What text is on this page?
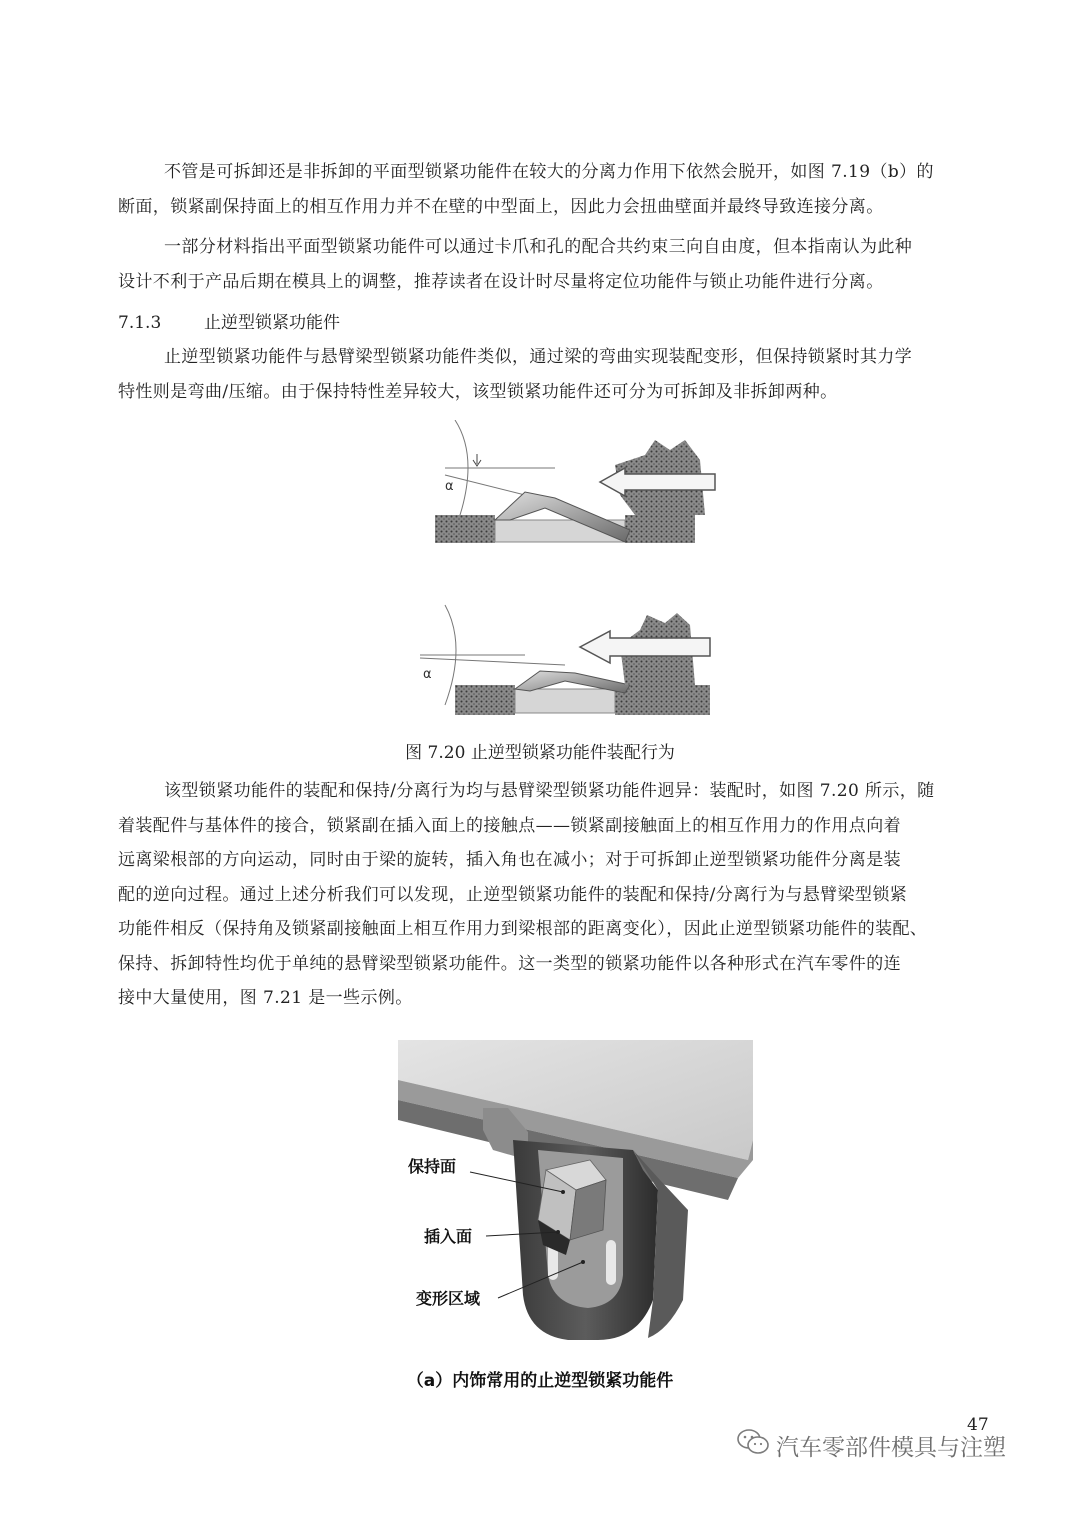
不管是可拆卸还是非拆卸的平面型锁紧功能件在较大的分离力作用下依然会脱开，如图 7.19（b）的
断面，锁紧副保持面上的相互作用力并不在壁的中型面上，因此力会扭曲壁面并最终导致连接分离。
一部分材料指出平面型锁紧功能件可以通过卡爪和孔的配合共约束三向自由度，但本指南认为此种
设计不利于产品后期在模具上的调整，推荐读者在设计时尽量将定位功能件与锁止功能件进行分离。
7.1.3	止逆型锁紧功能件
止逆型锁紧功能件与悬臂梁型锁紧功能件类似，通过梁的弯曲实现装配变形，但保持锁紧时其力学
特性则是弯曲/压缩。由于保持特性差异较大，该型锁紧功能件还可分为可拆卸及非拆卸两种。
α
α
图 7.20 止逆型锁紧功能件装配行为
该型锁紧功能件的装配和保持/分离行为均与悬臂梁型锁紧功能件迥异：装配时，如图 7.20 所示，随
着装配件与基体件的接合，锁紧副在插入面上的接触点——锁紧副接触面上的相互作用力的作用点向着
远离梁根部的方向运动，同时由于梁的旋转，插入角也在减小；对于可拆卸止逆型锁紧功能件分离是装
配的逆向过程。通过上述分析我们可以发现，止逆型锁紧功能件的装配和保持/分离行为与悬臂梁型锁紧
功能件相反（保持角及锁紧副接触面上相互作用力到梁根部的距离变化），因此止逆型锁紧功能件的装配、
保持、拆卸特性均优于单纯的悬臂梁型锁紧功能件。这一类型的锁紧功能件以各种形式在汽车零件的连
接中大量使用，图 7.21 是一些示例。
保持面
插入面
变形区域
（a）内饰常用的止逆型锁紧功能件
47
汽车零部件模具与注塑
